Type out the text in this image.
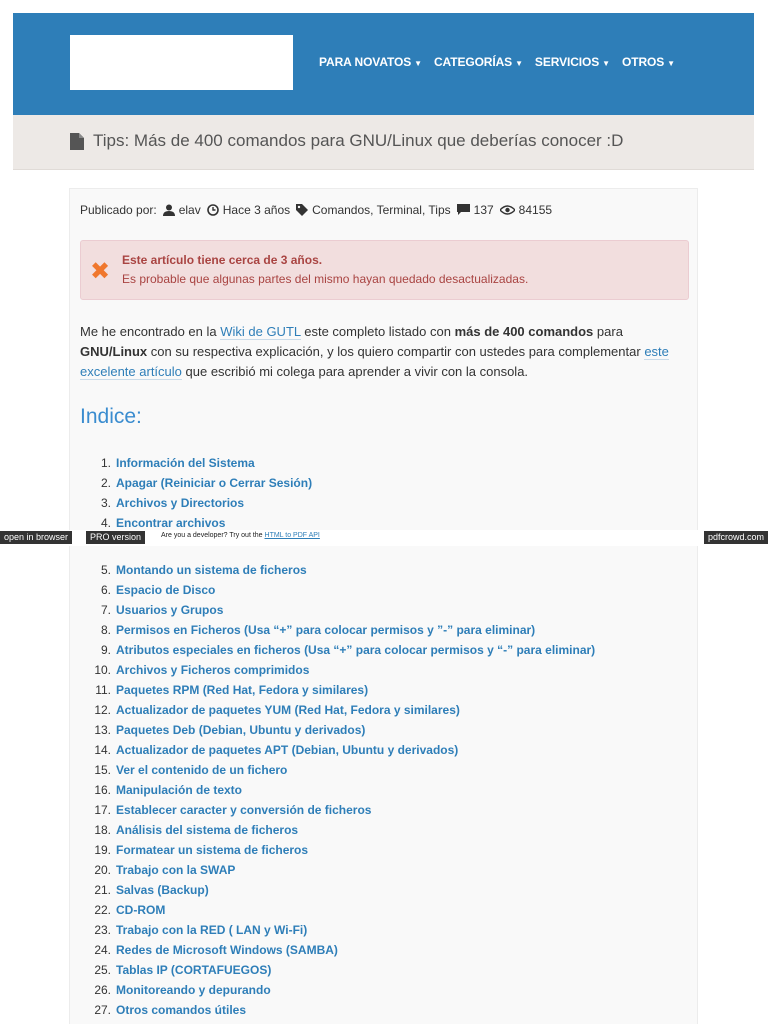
PARA NOVATOS ▼	CATEGORÍAS ▼	SERVICIOS ▼	OTROS ▼
Tips: Más de 400 comandos para GNU/Linux que deberías conocer :D
Publicado por: elav Hace 3 años Comandos, Terminal, Tips 137 84155
✖ Este artículo tiene cerca de 3 años.
Es probable que algunas partes del mismo hayan quedado desactualizadas.

Me he encontrado en la Wiki de GUTL este completo listado con más de 400 comandos para GNU/Linux con su respectiva explicación, y los quiero compartir con ustedes para complementar este excelente artículo que escribió mi colega para aprender a vivir con la consola.

Indice:
1. Información del Sistema
2. Apagar (Reiniciar o Cerrar Sesión)
3. Archivos y Directorios
4. Encontrar archivos
5. Montando un sistema de ficheros
6. Espacio de Disco
7. Usuarios y Grupos
8. Permisos en Ficheros (Usa “+” para colocar permisos y ”-” para eliminar)
9. Atributos especiales en ficheros (Usa “+” para colocar permisos y “-” para eliminar)
10. Archivos y Ficheros comprimidos
11. Paquetes RPM (Red Hat, Fedora y similares)
12. Actualizador de paquetes YUM (Red Hat, Fedora y similares)
13. Paquetes Deb (Debian, Ubuntu y derivados)
14. Actualizador de paquetes APT (Debian, Ubuntu y derivados)
15. Ver el contenido de un fichero
16. Manipulación de texto
17. Establecer caracter y conversión de ficheros
18. Análisis del sistema de ficheros
19. Formatear un sistema de ficheros
20. Trabajo con la SWAP
21. Salvas (Backup)
22. CD-ROM
23. Trabajo con la RED ( LAN y Wi-Fi)
24. Redes de Microsoft Windows (SAMBA)
25. Tablas IP (CORTAFUEGOS)
26. Monitoreando y depurando
27. Otros comandos útiles
open in browser	PRO version	Are you a developer? Try out the HTML to PDF API	pdfcrowd.com
